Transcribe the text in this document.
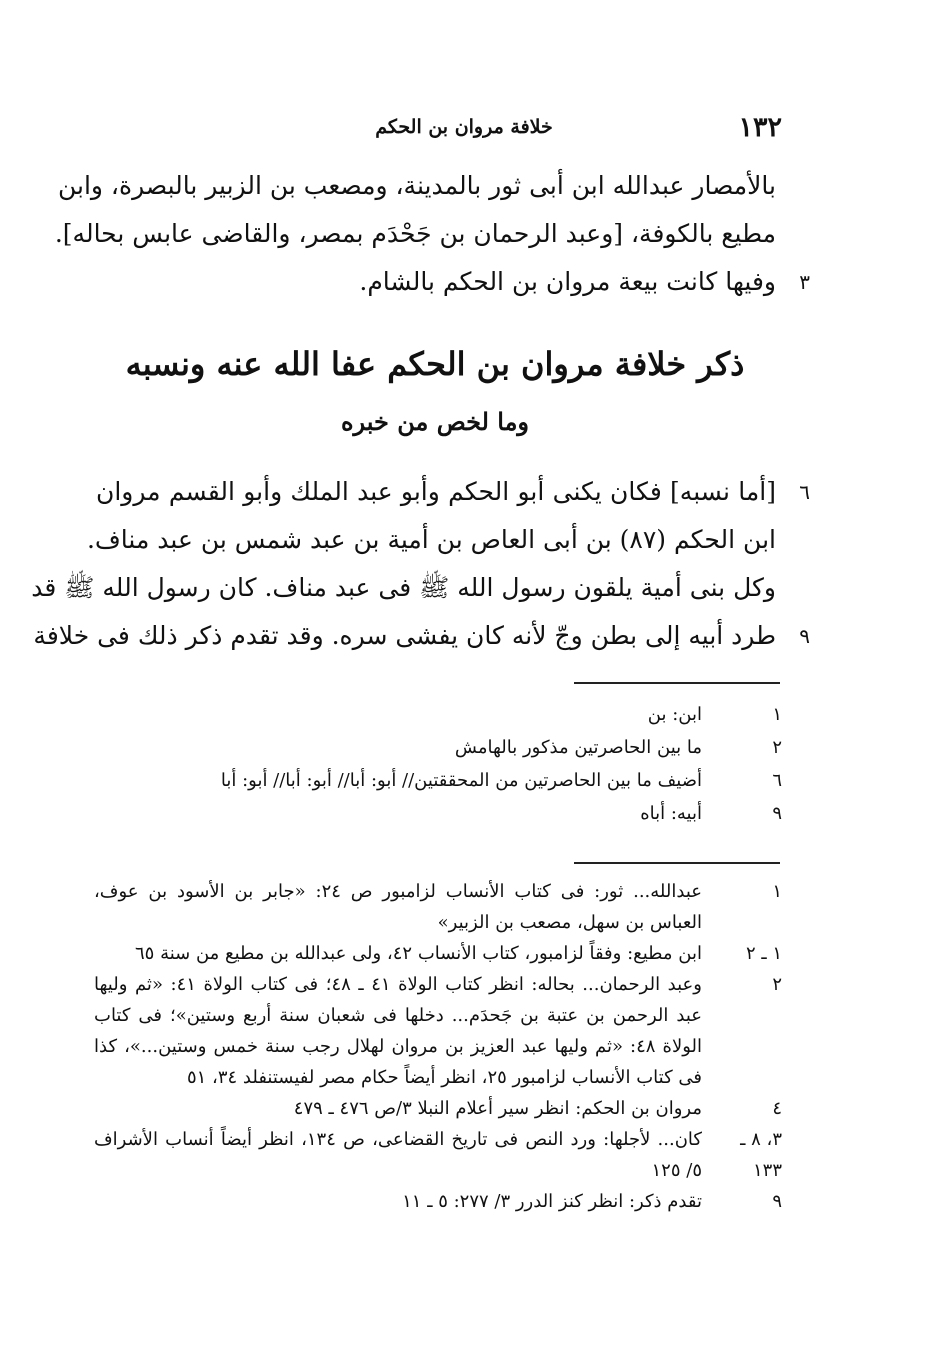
١٣٢
خلافة مروان بن الحكم
بالأمصار عبدالله ابن أبى ثور بالمدينة، ومصعب بن الزبير بالبصرة، وابن
مطيع بالكوفة، [وعبد الرحمان بن جَحْدَم بمصر، والقاضى عابس بحاله].
٣
وفيها كانت بيعة مروان بن الحكم بالشام.
ذكر خلافة مروان بن الحكم عفا الله عنه ونسبه
وما لخص من خبره
٦
[أما نسبه] فكان يكنى أبو الحكم وأبو عبد الملك وأبو القسم مروان
ابن الحكم (٨٧) بن أبى العاص بن أمية بن عبد شمس بن عبد مناف.
وكل بنى أمية يلقون رسول الله ﷺ فى عبد مناف. كان رسول الله ﷺ قد
٩
طرد أبيه إلى بطن وجّ لأنه كان يفشى سره. وقد تقدم ذكر ذلك فى خلافة
١
ابن: بن
٢
ما بين الحاصرتين مذكور بالهامش
٦
أضيف ما بين الحاصرتين من المحققتين// أبو: أبا// أبو: أبا// أبو: أبا
٩
أبيه: أباه
١
عبدالله... ثور: فى كتاب الأنساب لزامبور ص ٢٤: «جابر بن الأسود بن عوف، العباس بن سهل، مصعب بن الزبير»
١ ـ ٢
ابن مطيع: وفقاً لزامبور، كتاب الأنساب ٤٢، ولى عبدالله بن مطيع من سنة ٦٥
٢
وعبد الرحمان... بحاله: انظر كتاب الولاة ٤١ ـ ٤٨؛ فى كتاب الولاة ٤١: «ثم وليها عبد الرحمن بن عتبة بن جَحدَم... دخلها فى شعبان سنة أربع وستين»؛ فى كتاب الولاة ٤٨: «ثم وليها عبد العزيز بن مروان لهلال رجب سنة خمس وستين...»، كذا فى كتاب الأنساب لزامبور ٢٥، انظر أيضاً حكام مصر لفيستنفلد ٣٤، ٥١
٤
مروان بن الحكم: انظر سير أعلام النبلا ٣/ص ٤٧٦ ـ ٤٧٩
٣، ٨ ـ ١٣٣
كان... لأجلها: ورد النص فى تاريخ القضاعى، ص ١٣٤، انظر أيضاً أنساب الأشراف ٥/ ١٢٥
٩
تقدم ذكر: انظر كنز الدرر ٣/ ٢٧٧: ٥ ـ ١١
